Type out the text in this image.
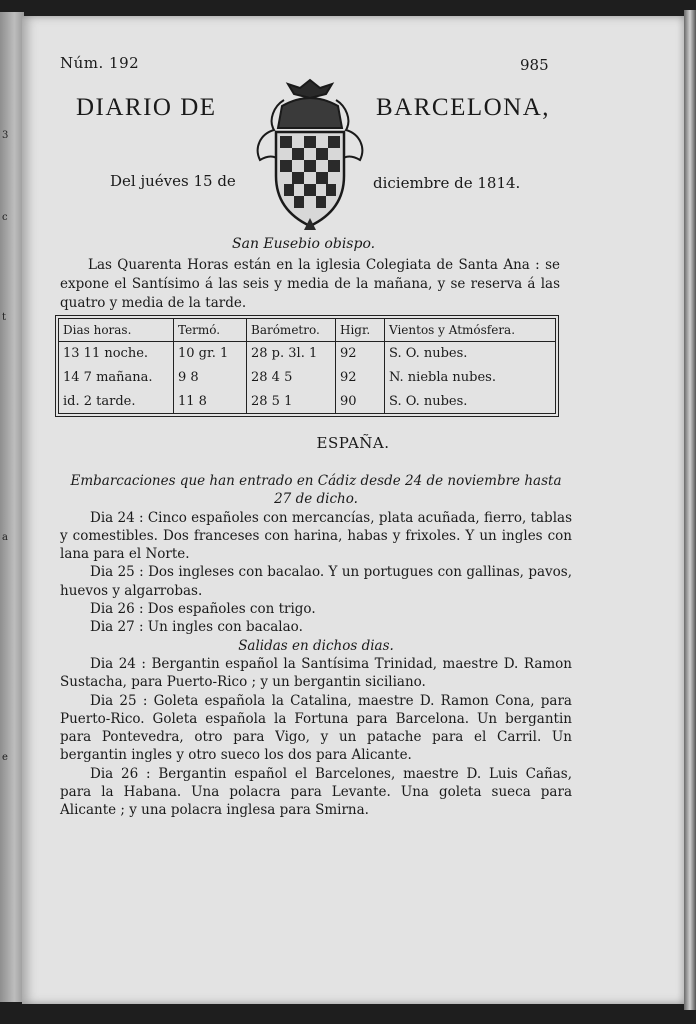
3
c
t
a
e
Núm. 192	985
DIARIO DE	BARCELONA,
Del juéves 15 de	diciembre de 1814.
San Eusebio obispo.

Las Quarenta Horas están en la iglesia Colegiata de Santa Ana : se expone el Santísimo á las seis y media de la mañana, y se reserva á las quatro y media de la tarde.

Dias horas.	Termó.	Barómetro.	Higr.	Vientos y Atmósfera.
13 11 noche.	10 gr. 1	28 p. 3l. 1	92	S. O. nubes.
14 7 mañana.	9 8	28 4 5	92	N. niebla nubes.
id. 2 tarde.	11 8	28 5 1	90	S. O. nubes.
ESPAÑA.

Embarcaciones que han entrado en Cádiz desde 24 de noviembre hasta 27 de dicho.

Dia 24 : Cinco españoles con mercancías, plata acuñada, fierro, tablas y comestibles. Dos franceses con harina, habas y frixoles. Y un ingles con lana para el Norte.

Dia 25 : Dos ingleses con bacalao. Y un portugues con gallinas, pavos, huevos y algarrobas.

Dia 26 : Dos españoles con trigo.

Dia 27 : Un ingles con bacalao.

Salidas en dichos dias.

Dia 24 : Bergantin español la Santísima Trinidad, maestre D. Ramon Sustacha, para Puerto-Rico ; y un bergantin siciliano.

Dia 25 : Goleta española la Catalina, maestre D. Ramon Cona, para Puerto-Rico. Goleta española la Fortuna para Barcelona. Un bergantin para Pontevedra, otro para Vigo, y un patache para el Carril. Un bergantin ingles y otro sueco los dos para Alicante.

Dia 26 : Bergantin español el Barcelones, maestre D. Luis Cañas, para la Habana. Una polacra para Levante. Una goleta sueca para Alicante ; y una polacra inglesa para Smirna.
